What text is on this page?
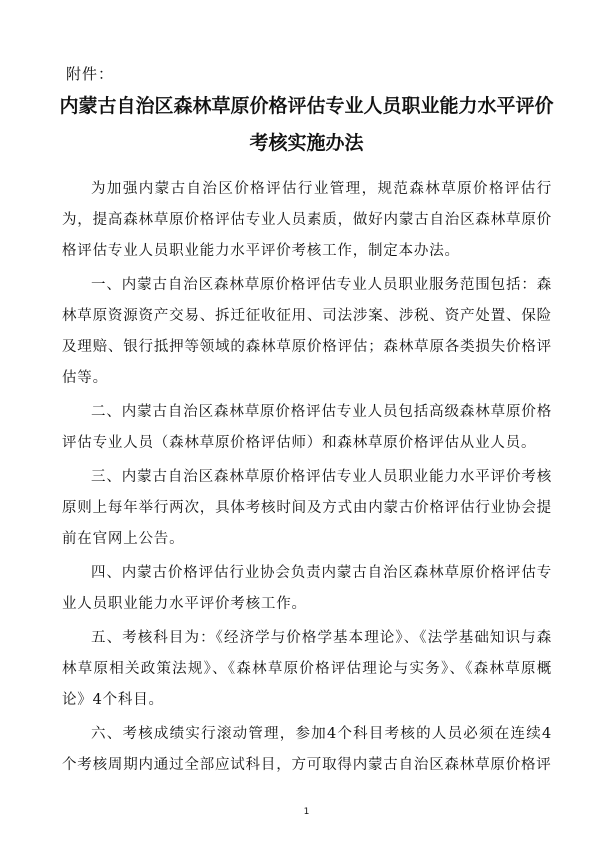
附件：
内蒙古自治区森林草原价格评估专业人员职业能力水平评价
考核实施办法

为加强内蒙古自治区价格评估行业管理，规范森林草原价格评估行为，提高森林草原价格评估专业人员素质，做好内蒙古自治区森林草原价格评估专业人员职业能力水平评价考核工作，制定本办法。

一、内蒙古自治区森林草原价格评估专业人员职业服务范围包括：森林草原资源资产交易、拆迁征收征用、司法涉案、涉税、资产处置、保险及理赔、银行抵押等领域的森林草原价格评估；森林草原各类损失价格评估等。

二、内蒙古自治区森林草原价格评估专业人员包括高级森林草原价格评估专业人员（森林草原价格评估师）和森林草原价格评估从业人员。

三、内蒙古自治区森林草原价格评估专业人员职业能力水平评价考核原则上每年举行两次，具体考核时间及方式由内蒙古价格评估行业协会提前在官网上公告。

四、内蒙古价格评估行业协会负责内蒙古自治区森林草原价格评估专业人员职业能力水平评价考核工作。

五、考核科目为：《经济学与价格学基本理论》、《法学基础知识与森林草原相关政策法规》、《森林草原价格评估理论与实务》、《森林草原概论》4个科目。

六、考核成绩实行滚动管理，参加4个科目考核的人员必须在连续4个考核周期内通过全部应试科目，方可取得内蒙古自治区森林草原价格评

1
